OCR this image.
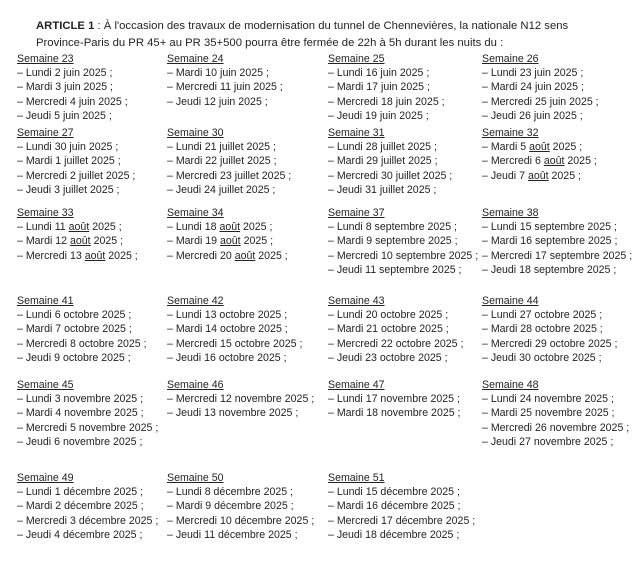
ARTICLE 1 : À l'occasion des travaux de modernisation du tunnel de Chennevières, la nationale N12 sens Province-Paris du PR 45+ au PR 35+500 pourra être fermée de 22h à 5h durant les nuits du :

Semaine 23
– Lundi 2 juin 2025 ;
– Mardi 3 juin 2025 ;
– Mercredi 4 juin 2025 ;
– Jeudi 5 juin 2025 ;
Semaine 24
– Mardi 10 juin 2025 ;
– Mercredi 11 juin 2025 ;
– Jeudi 12 juin 2025 ;
Semaine 25
– Lundi 16 juin 2025 ;
– Mardi 17 juin 2025 ;
– Mercredi 18 juin 2025 ;
– Jeudi 19 juin 2025 ;
Semaine 26
– Lundi 23 juin 2025 ;
– Mardi 24 juin 2025 ;
– Mercredi 25 juin 2025 ;
– Jeudi 26 juin 2025 ;
Semaine 27
– Lundi 30 juin 2025 ;
– Mardi 1 juillet 2025 ;
– Mercredi 2 juillet 2025 ;
– Jeudi 3 juillet 2025 ;
Semaine 30
– Lundi 21 juillet 2025 ;
– Mardi 22 juillet 2025 ;
– Mercredi 23 juillet 2025 ;
– Jeudi 24 juillet 2025 ;
Semaine 31
– Lundi 28 juillet 2025 ;
– Mardi 29 juillet 2025 ;
– Mercredi 30 juillet 2025 ;
– Jeudi 31 juillet 2025 ;
Semaine 32
– Mardi 5 août 2025 ;
– Mercredi 6 août 2025 ;
– Jeudi 7 août 2025 ;
Semaine 33
– Lundi 11 août 2025 ;
– Mardi 12 août 2025 ;
– Mercredi 13 août 2025 ;
Semaine 34
– Lundi 18 août 2025 ;
– Mardi 19 août 2025 ;
– Mercredi 20 août 2025 ;
Semaine 37
– Lundi 8 septembre 2025 ;
– Mardi 9 septembre 2025 ;
– Mercredi 10 septembre 2025 ;
– Jeudi 11 septembre 2025 ;
Semaine 38
– Lundi 15 septembre 2025 ;
– Mardi 16 septembre 2025 ;
– Mercredi 17 septembre 2025 ;
– Jeudi 18 septembre 2025 ;
Semaine 41
– Lundi 6 octobre 2025 ;
– Mardi 7 octobre 2025 ;
– Mercredi 8 octobre 2025 ;
– Jeudi 9 octobre 2025 ;
Semaine 42
– Lundi 13 octobre 2025 ;
– Mardi 14 octobre 2025 ;
– Mercredi 15 octobre 2025 ;
– Jeudi 16 octobre 2025 ;
Semaine 43
– Lundi 20 octobre 2025 ;
– Mardi 21 octobre 2025 ;
– Mercredi 22 octobre 2025 ;
– Jeudi 23 octobre 2025 ;
Semaine 44
– Lundi 27 octobre 2025 ;
– Mardi 28 octobre 2025 ;
– Mercredi 29 octobre 2025 ;
– Jeudi 30 octobre 2025 ;
Semaine 45
– Lundi 3 novembre 2025 ;
– Mardi 4 novembre 2025 ;
– Mercredi 5 novembre 2025 ;
– Jeudi 6 novembre 2025 ;
Semaine 46
– Mercredi 12 novembre 2025 ;
– Jeudi 13 novembre 2025 ;
Semaine 47
– Lundi 17 novembre 2025 ;
– Mardi 18 novembre 2025 ;
Semaine 48
– Lundi 24 novembre 2025 ;
– Mardi 25 novembre 2025 ;
– Mercredi 26 novembre 2025 ;
– Jeudi 27 novembre 2025 ;
Semaine 49
– Lundi 1 décembre 2025 ;
– Mardi 2 décembre 2025 ;
– Mercredi 3 décembre 2025 ;
– Jeudi 4 décembre 2025 ;
Semaine 50
– Lundi 8 décembre 2025 ;
– Mardi 9 décembre 2025 ;
– Mercredi 10 décembre 2025 ;
– Jeudi 11 décembre 2025 ;
Semaine 51
– Lundi 15 décembre 2025 ;
– Mardi 16 décembre 2025 ;
– Mercredi 17 décembre 2025 ;
– Jeudi 18 décembre 2025 ;
